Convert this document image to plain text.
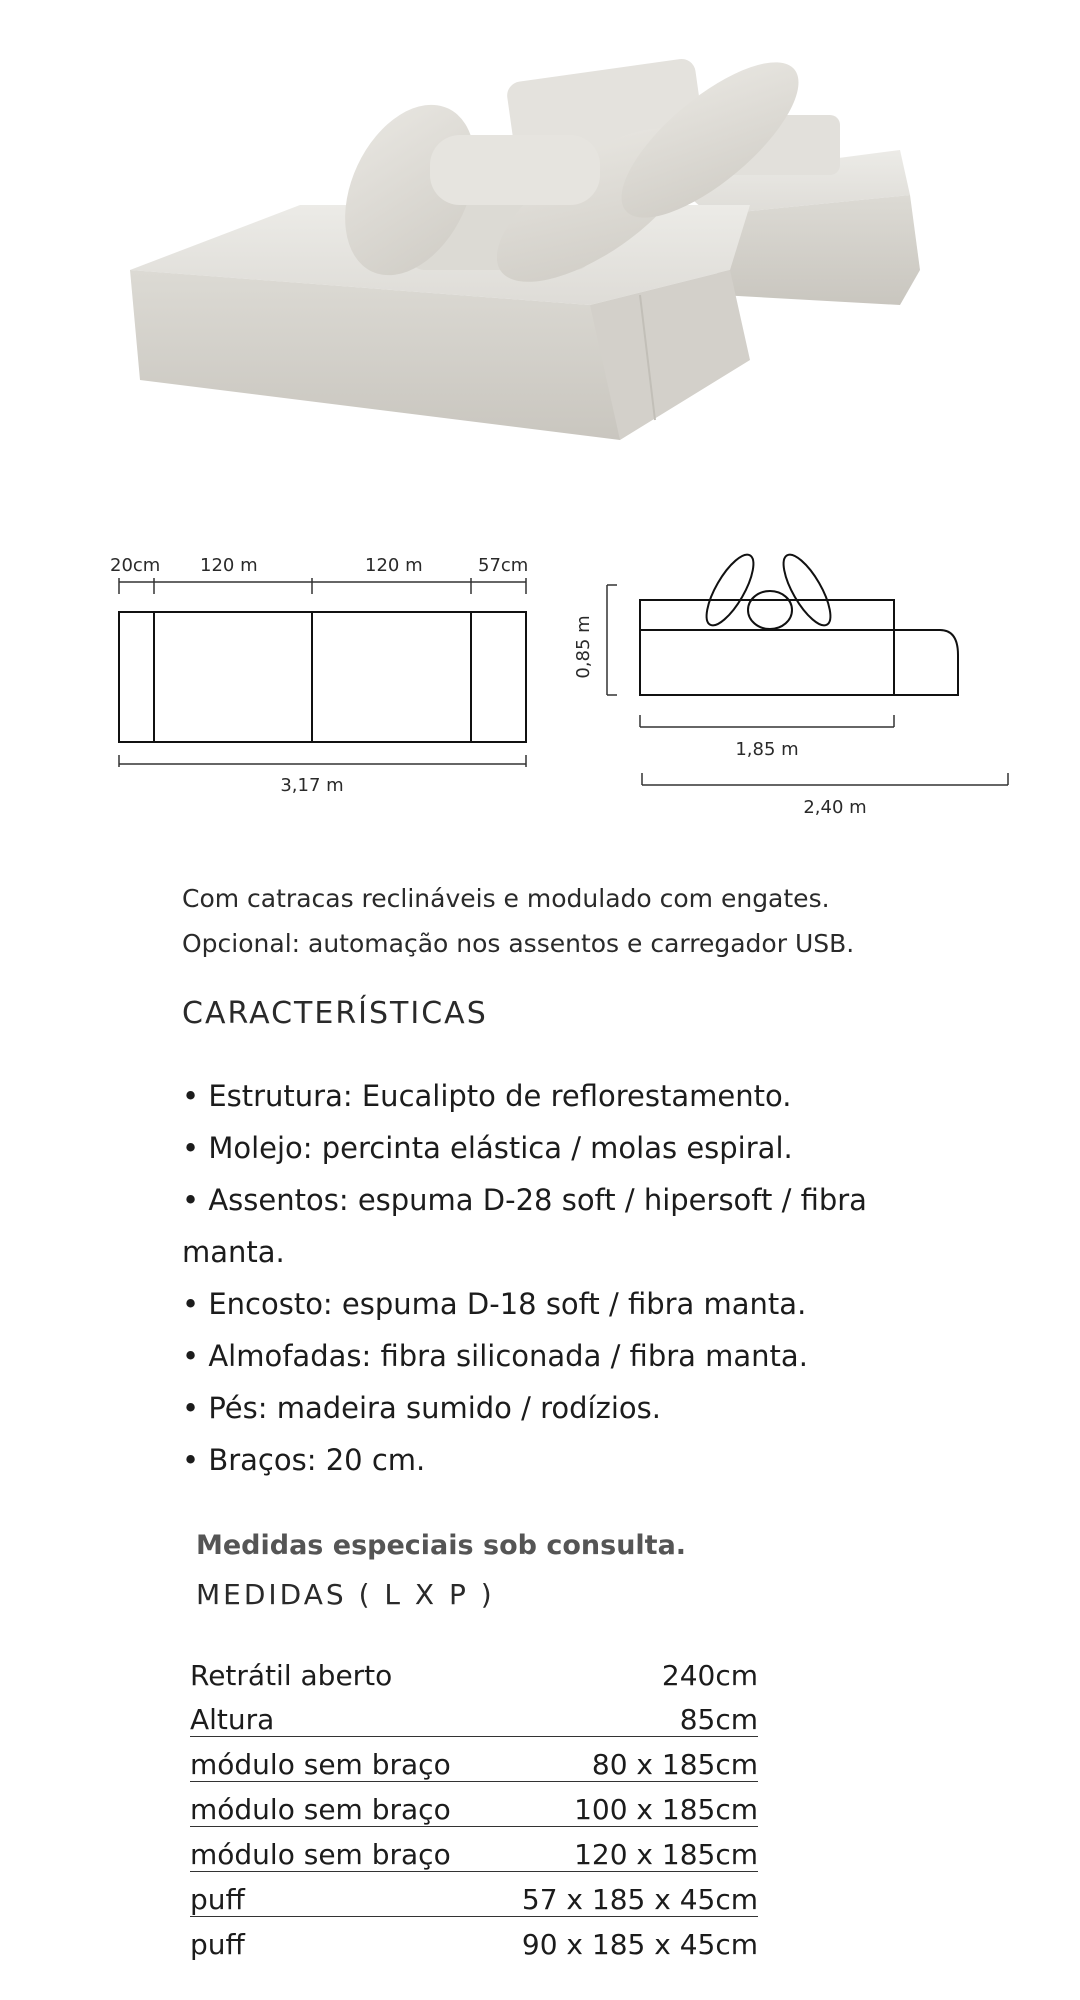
20cm 120 m	120 m	57cm
3,17 m
0,85 m
1,85 m
2,40 m
Com catracas reclináveis e modulado com engates.
Opcional: automação nos assentos e carregador USB.
CARACTERÍSTICAS
• Estrutura: Eucalipto de reflorestamento.
• Molejo: percinta elástica / molas espiral.
• Assentos: espuma D-28 soft / hipersoft / fibra manta.
• Encosto: espuma D-18 soft / fibra manta.
• Almofadas: fibra siliconada / fibra manta.
• Pés: madeira sumido / rodízios.
• Braços: 20 cm.
Medidas especiais sob consulta.
MEDIDAS ( L X P )
Retrátil aberto	240cm
Altura	85cm
módulo sem braço	80 x 185cm
módulo sem braço	100 x 185cm
módulo sem braço	120 x 185cm
puff	57 x 185 x 45cm
puff	90 x 185 x 45cm
